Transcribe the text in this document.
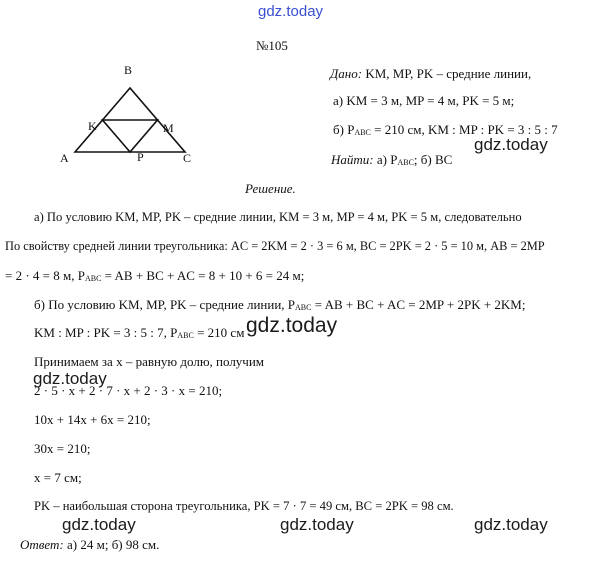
gdz.today
gdz.today
gdz.today
gdz.today
gdz.today	gdz.today	gdz.today
№105
B
A	C
K	M
P
Дано: KM, MP, PK – средние линии,
а) KM = 3 м, MP = 4 м, PK = 5 м;
б) $P_{ABC} = 210$ см, KM : MP : PK = 3 : 5 : 7
Найти: а) $P_{ABC}$; б) BC
Решение.
а) По условию KM, MP, PK – средние линии, KM = 3 м, MP = 4 м, PK = 5 м, следовательно
По свойству средней линии треугольника: AC = 2KM = 2 · 3 = 6 м, BC = 2PK = 2 · 5 = 10 м, AB = 2MP
= 2 · 4 = 8 м, $P_{ABC}$ = AB + BC + AC = 8 + 10 + 6 = 24 м;
б) По условию KM, MP, PK – средние линии, $P_{ABC}$ = AB + BC + AC = 2MP + 2PK + 2KM;
KM : MP : PK = 3 : 5 : 7, $P_{ABC} = 210$ см
Принимаем за x – равную долю, получим
2 · 5 · x + 2 · 7 · x + 2 · 3 · x = 210;
10x + 14x + 6x = 210;
30x = 210;
x = 7 см;
PK – наибольшая сторона треугольника, PK = 7 · 7 = 49 см, BC = 2PK = 98 см.
Ответ: а) 24 м; б) 98 см.
